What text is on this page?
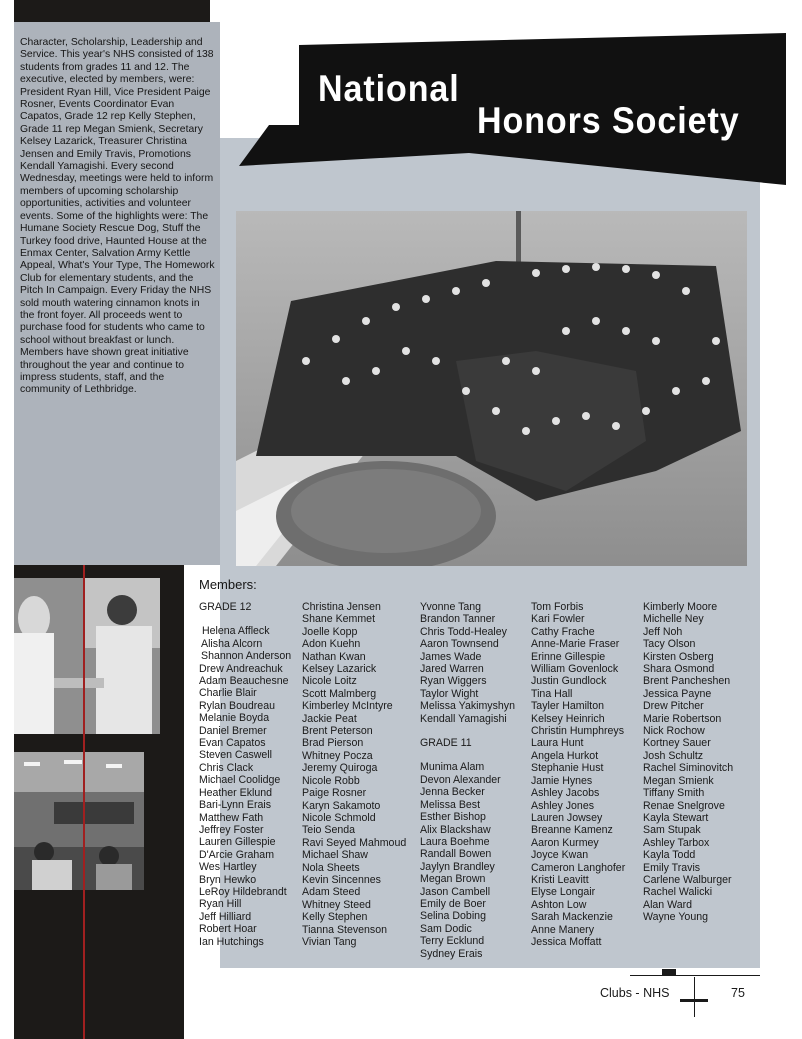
Character, Scholarship, Leadership and Service. This year's NHS consisted of 138 students from grades 11 and 12. The executive, elected by members, were: President Ryan Hill, Vice President Paige Rosner, Events Coordinator Evan Capatos, Grade 12 rep Kelly Stephen, Grade 11 rep Megan Smienk, Secretary Kelsey Lazarick, Treasurer Christina Jensen and Emily Travis, Promotions Kendall Yamagishi. Every second Wednesday, meetings were held to inform members of upcoming scholarship opportunities, activities and volunteer events. Some of the highlights were: The Humane Society Rescue Dog, Stuff the Turkey food drive, Haunted House at the Enmax Center, Salvation Army Kettle Appeal, What's Your Type, The Homework Club for elementary students, and the Pitch In Campaign. Every Friday the NHS sold mouth watering cinnamon knots in the front foyer. All proceeds went to purchase food for students who came to school without breakfast or lunch. Members have shown great initiative throughout the year and continue to impress students, staff, and the community of Lethbridge.

National
Honors Society
Members:
GRADE 12
Helena Affleck
Alisha Alcorn
Shannon Anderson
Drew Andreachuk
Adam Beauchesne
Charlie Blair
Rylan Boudreau
Melanie Boyda
Daniel Bremer
Evan Capatos
Steven Caswell
Chris Clack
Michael Coolidge
Heather Eklund
Bari-Lynn Erais
Matthew Fath
Jeffrey Foster
Lauren Gillespie
D'Arcie Graham
Wes Hartley
Bryn Hewko
LeRoy Hildebrandt
Ryan Hill
Jeff Hilliard
Robert Hoar
Ian Hutchings
Christina Jensen
Shane Kemmet
Joelle Kopp
Adon Kuehn
Nathan Kwan
Kelsey Lazarick
Nicole Loitz
Scott Malmberg
Kimberley McIntyre
Jackie Peat
Brent Peterson
Brad Pierson
Whitney Pocza
Jeremy Quiroga
Nicole Robb
Paige Rosner
Karyn Sakamoto
Nicole Schmold
Teio Senda
Ravi Seyed Mahmoud
Michael Shaw
Nola Sheets
Kevin Sincennes
Adam Steed
Whitney Steed
Kelly Stephen
Tianna Stevenson
Vivian Tang
Yvonne Tang
Brandon Tanner
Chris Todd-Healey
Aaron Townsend
James Wade
Jared Warren
Ryan Wiggers
Taylor Wight
Melissa Yakimyshyn
Kendall Yamagishi
GRADE 11
Munima Alam
Devon Alexander
Jenna Becker
Melissa Best
Esther Bishop
Alix Blackshaw
Laura Boehme
Randall Bowen
Jaylyn Brandley
Megan Brown
Jason Cambell
Emily de Boer
Selina Dobing
Sam Dodic
Terry Ecklund
Sydney Erais
Tom Forbis
Kari Fowler
Cathy Frache
Anne-Marie Fraser
Erinne Gillespie
William Govenlock
Justin Gundlock
Tina Hall
Tayler Hamilton
Kelsey Heinrich
Christin Humphreys
Laura Hunt
Angela Hurkot
Stephanie Hust
Jamie Hynes
Ashley Jacobs
Ashley Jones
Lauren Jowsey
Breanne Kamenz
Aaron Kurmey
Joyce Kwan
Cameron Langhofer
Kristi Leavitt
Elyse Longair
Ashton Low
Sarah Mackenzie
Anne Manery
Jessica Moffatt
Kimberly Moore
Michelle Ney
Jeff Noh
Tacy Olson
Kirsten Osberg
Shara Osmond
Brent Pancheshen
Jessica Payne
Drew Pitcher
Marie Robertson
Nick Rochow
Kortney Sauer
Josh Schultz
Rachel Siminovitch
Megan Smienk
Tiffany Smith
Renae Snelgrove
Kayla Stewart
Sam Stupak
Ashley Tarbox
Kayla Todd
Emily Travis
Carlene Walburger
Rachel Walicki
Alan Ward
Wayne Young
Clubs - NHS	75
